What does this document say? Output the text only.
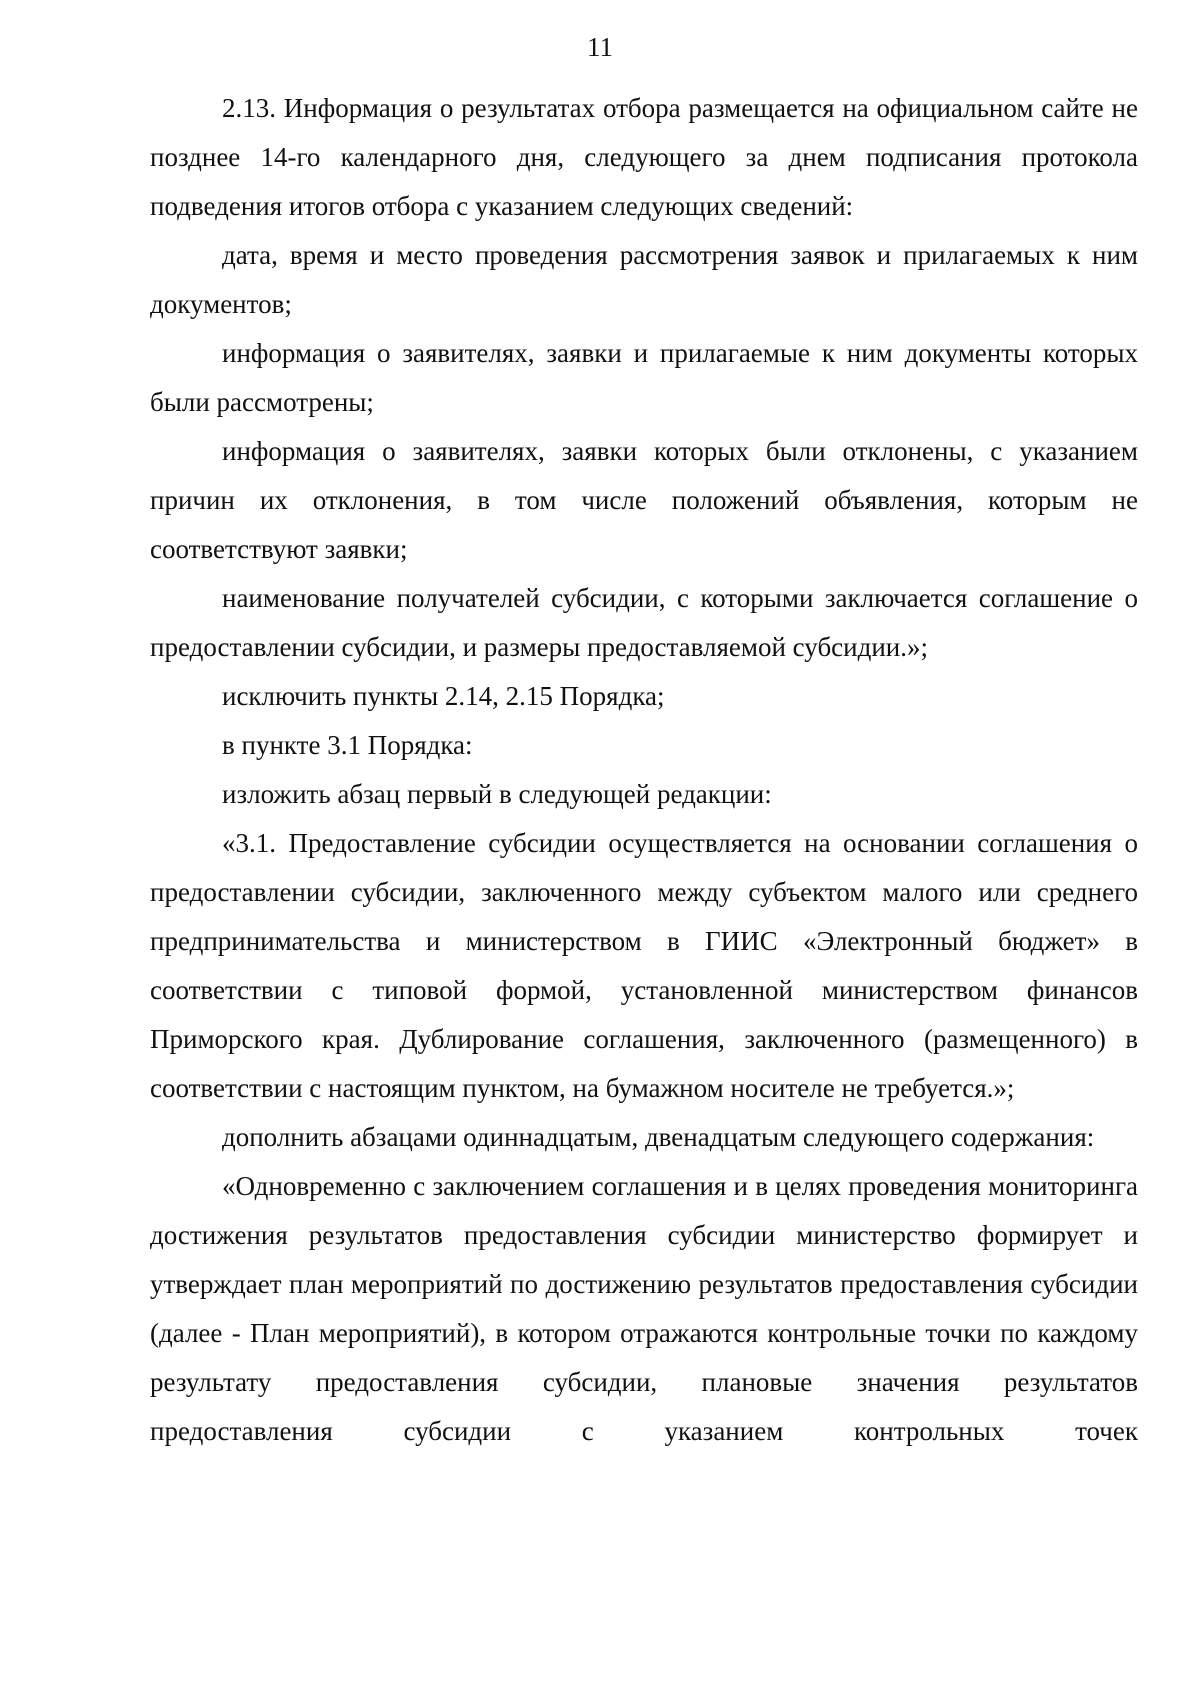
11

2.13. Информация о результатах отбора размещается на официальном сайте не позднее 14-го календарного дня, следующего за днем подписания протокола подведения итогов отбора с указанием следующих сведений:

дата, время и место проведения рассмотрения заявок и прилагаемых к ним документов;

информация о заявителях, заявки и прилагаемые к ним документы которых были рассмотрены;

информация о заявителях, заявки которых были отклонены, с указанием причин их отклонения, в том числе положений объявления, которым не соответствуют заявки;

наименование получателей субсидии, с которыми заключается соглашение о предоставлении субсидии, и размеры предоставляемой субсидии.»;

исключить пункты 2.14, 2.15 Порядка;

в пункте 3.1 Порядка:

изложить абзац первый в следующей редакции:

«3.1. Предоставление субсидии осуществляется на основании соглашения о предоставлении субсидии, заключенного между субъектом малого или среднего предпринимательства и министерством в ГИИС «Электронный бюджет» в соответствии с типовой формой, установленной министерством финансов Приморского края. Дублирование соглашения, заключенного (размещенного) в соответствии с настоящим пунктом, на бумажном носителе не требуется.»;

дополнить абзацами одиннадцатым, двенадцатым следующего содержания:

«Одновременно с заключением соглашения и в целях проведения мониторинга достижения результатов предоставления субсидии министерство формирует и утверждает план мероприятий по достижению результатов предоставления субсидии (далее - План мероприятий), в котором отражаются контрольные точки по каждому результату предоставления субсидии, плановые значения результатов предоставления субсидии с указанием контрольных точек
